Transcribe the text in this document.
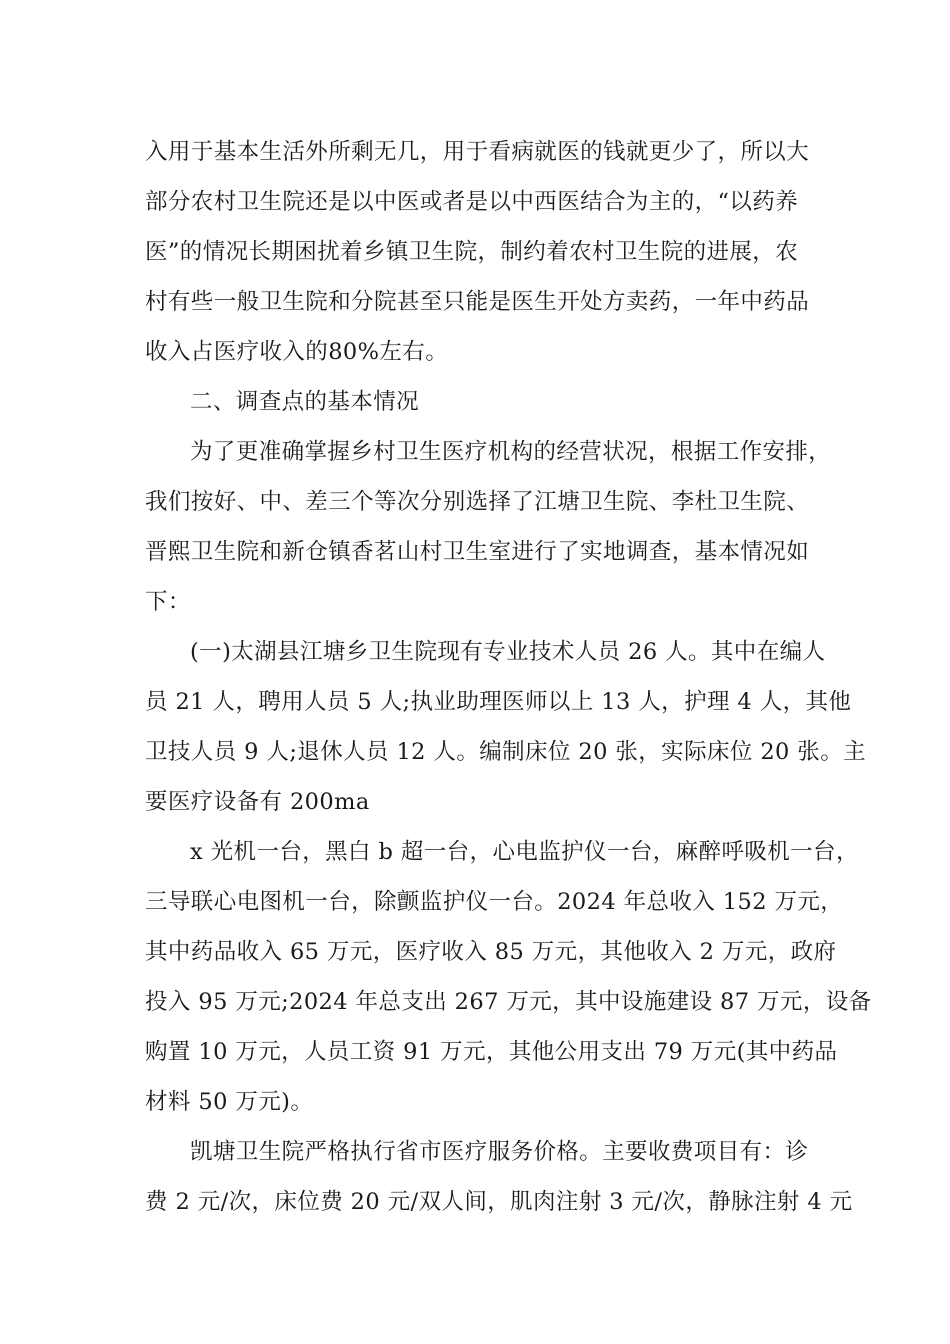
入用于基本生活外所剩无几，用于看病就医的钱就更少了，所以大
部分农村卫生院还是以中医或者是以中西医结合为主的，“以药养
医”的情况长期困扰着乡镇卫生院，制约着农村卫生院的进展，农
村有些一般卫生院和分院甚至只能是医生开处方卖药，一年中药品
收入占医疗收入的80%左右。
二、调查点的基本情况
为了更准确掌握乡村卫生医疗机构的经营状况，根据工作安排，
我们按好、中、差三个等次分别选择了江塘卫生院、李杜卫生院、
晋熙卫生院和新仓镇香茗山村卫生室进行了实地调查，基本情况如
下：
(一)太湖县江塘乡卫生院现有专业技术人员 26 人。其中在编人
员 21 人，聘用人员 5 人;执业助理医师以上 13 人，护理 4 人，其他
卫技人员 9 人;退休人员 12 人。编制床位 20 张，实际床位 20 张。主
要医疗设备有 200ma
x 光机一台，黑白 b 超一台，心电监护仪一台，麻醉呼吸机一台，
三导联心电图机一台，除颤监护仪一台。2024 年总收入 152 万元，
其中药品收入 65 万元，医疗收入 85 万元，其他收入 2 万元，政府
投入 95 万元;2024 年总支出 267 万元，其中设施建设 87 万元，设备
购置 10 万元，人员工资 91 万元，其他公用支出 79 万元(其中药品
材料 50 万元)。
凯塘卫生院严格执行省市医疗服务价格。主要收费项目有：诊
费 2 元/次，床位费 20 元/双人间，肌肉注射 3 元/次，静脉注射 4 元
